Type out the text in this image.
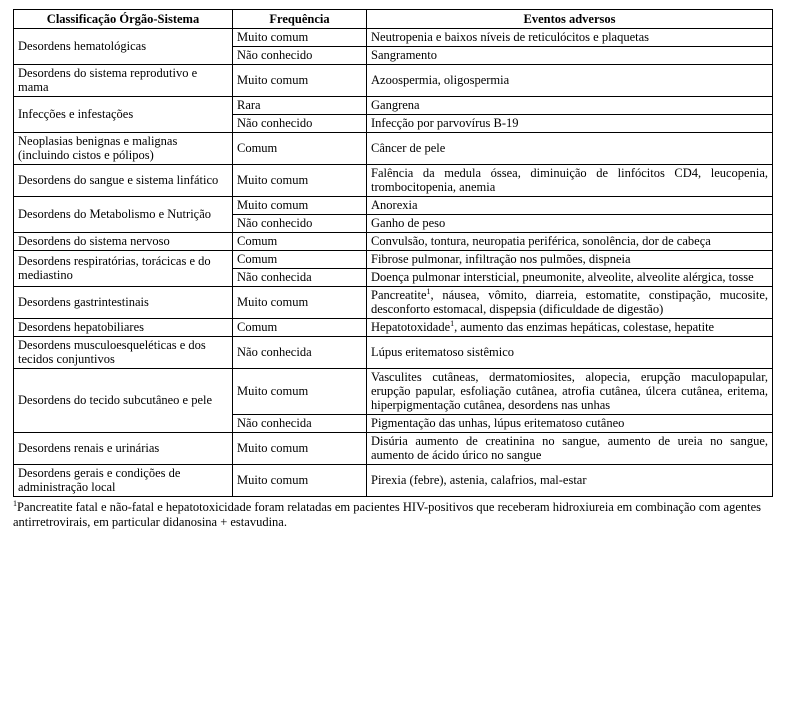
Classificação Órgão-Sistema	Frequência	Eventos adversos
Desordens hematológicas	Muito comum	Neutropenia e baixos níveis de reticulócitos e plaquetas
	Não conhecido	Sangramento
Desordens do sistema reprodutivo e mama	Muito comum	Azoospermia, oligospermia
Infecções e infestações	Rara	Gangrena
	Não conhecido	Infecção por parvovírus B-19
Neoplasias benignas e malignas (incluindo cistos e pólipos)	Comum	Câncer de pele
Desordens do sangue e sistema linfático	Muito comum	Falência da medula óssea, diminuição de linfócitos CD4, leucopenia, trombocitopenia, anemia
Desordens do Metabolismo e Nutrição	Muito comum	Anorexia
	Não conhecido	Ganho de peso
Desordens do sistema nervoso	Comum	Convulsão, tontura, neuropatia periférica, sonolência, dor de cabeça
Desordens respiratórias, torácicas e do mediastino	Comum	Fibrose pulmonar, infiltração nos pulmões, dispneia
	Não conhecida	Doença pulmonar intersticial, pneumonite, alveolite, alveolite alérgica, tosse
Desordens gastrintestinais	Muito comum	Pancreatite$^1$, náusea, vômito, diarreia, estomatite, constipação, mucosite, desconforto estomacal, dispepsia (dificuldade de digestão)
Desordens hepatobiliares	Comum	Hepatotoxidade$^1$, aumento das enzimas hepáticas, colestase, hepatite
Desordens musculoesqueléticas e dos tecidos conjuntivos	Não conhecida	Lúpus eritematoso sistêmico
Desordens do tecido subcutâneo e pele	Muito comum	Vasculites cutâneas, dermatomiosites, alopecia, erupção maculopapular, erupção papular, esfoliação cutânea, atrofia cutânea, úlcera cutânea, eritema, hiperpigmentação cutânea, desordens nas unhas
	Não conhecida	Pigmentação das unhas, lúpus eritematoso cutâneo
Desordens renais e urinárias	Muito comum	Disúria aumento de creatinina no sangue, aumento de ureia no sangue, aumento de ácido úrico no sangue
Desordens gerais e condições de administração local	Muito comum	Pirexia (febre), astenia, calafrios, mal-estar
$^1$Pancreatite fatal e não-fatal e hepatotoxicidade foram relatadas em pacientes HIV-positivos que receberam hidroxiureia em combinação com agentes antirretrovirais, em particular didanosina + estavudina.
